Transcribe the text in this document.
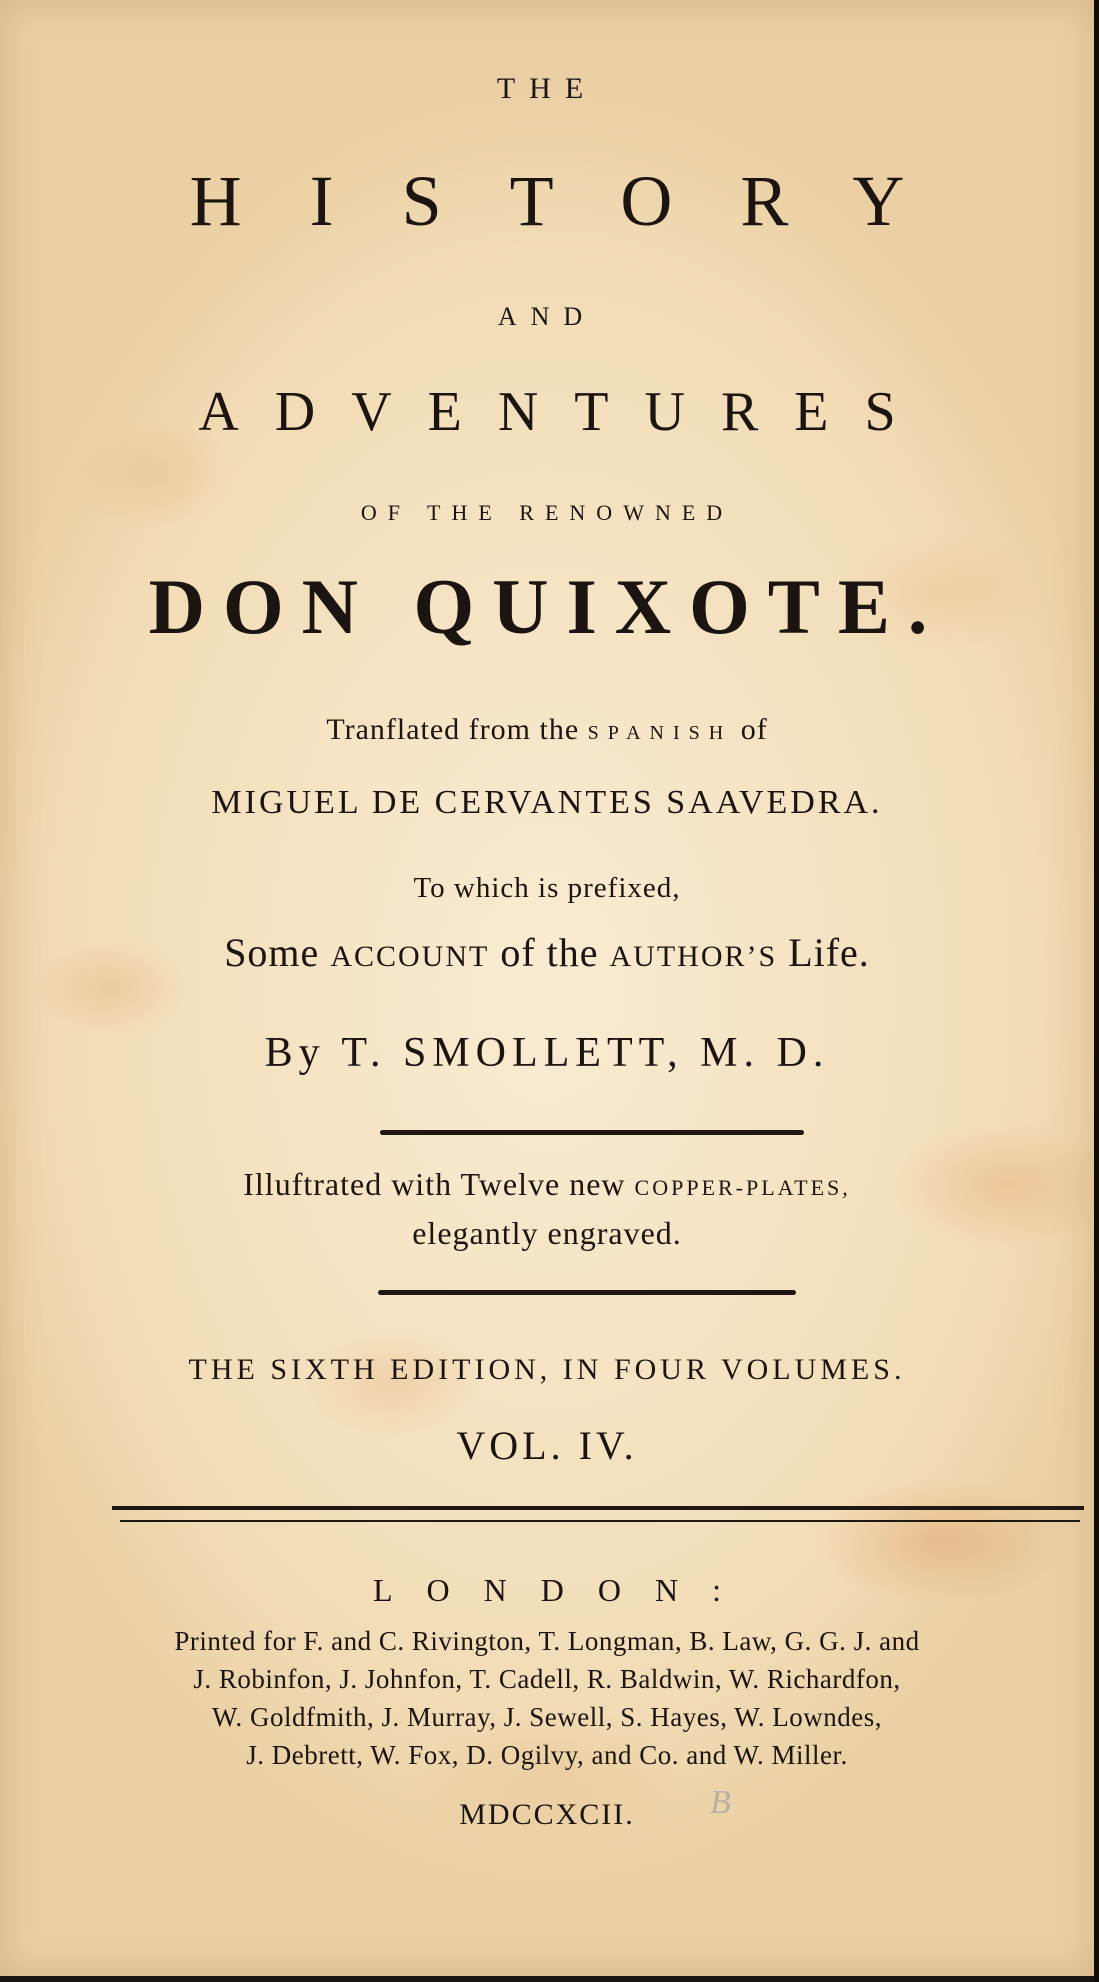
THE
HISTORY
AND
ADVENTURES
OF THE RENOWNED
DON QUIXOTE.
Tranflated from the SPANISH of
MIGUEL DE CERVANTES SAAVEDRA.
To which is prefixed,
Some ACCOUNT of the AUTHOR’S Life.
By T. SMOLLETT, M. D.
Illuftrated with Twelve new COPPER-PLATES,
elegantly engraved.
THE SIXTH EDITION, IN FOUR VOLUMES.
VOL. IV.
LONDON:
Printed for F. and C. Rivington, T. Longman, B. Law, G. G. J. and
J. Robinfon, J. Johnfon, T. Cadell, R. Baldwin, W. Richardfon,
W. Goldfmith, J. Murray, J. Sewell, S. Hayes, W. Lowndes,
J. Debrett, W. Fox, D. Ogilvy, and Co. and W. Miller.
MDCCXCII.	B
